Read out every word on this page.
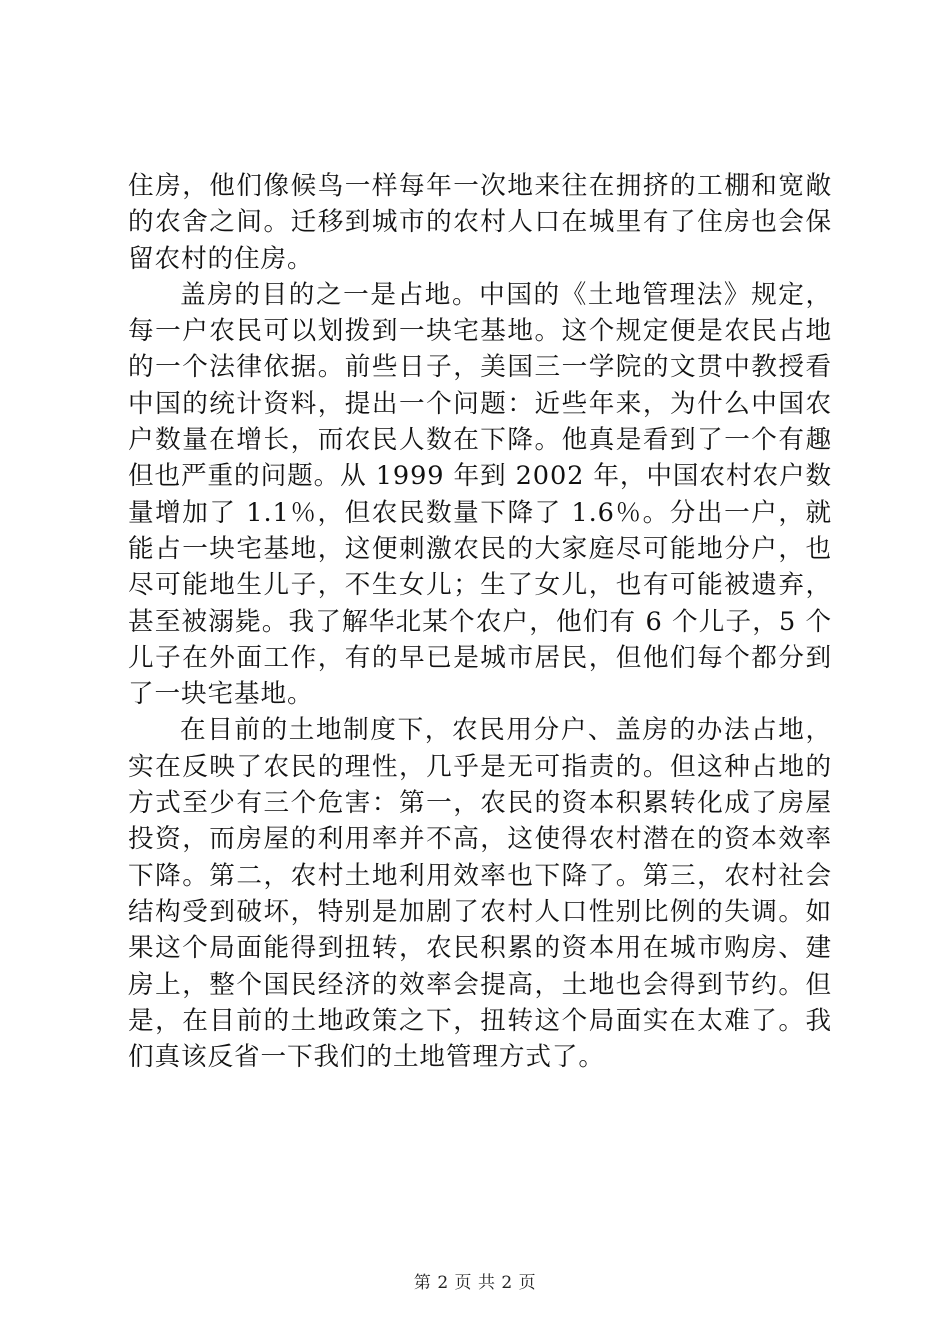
住房，他们像候鸟一样每年一次地来往在拥挤的工棚和宽敞的农舍之间。迁移到城市的农村人口在城里有了住房也会保留农村的住房。

盖房的目的之一是占地。中国的《土地管理法》规定，每一户农民可以划拨到一块宅基地。这个规定便是农民占地的一个法律依据。前些日子，美国三一学院的文贯中教授看中国的统计资料，提出一个问题：近些年来，为什么中国农户数量在增长，而农民人数在下降。他真是看到了一个有趣但也严重的问题。从 1999 年到 2002 年，中国农村农户数量增加了 1.1％，但农民数量下降了 1.6％。分出一户，就能占一块宅基地，这便刺激农民的大家庭尽可能地分户，也尽可能地生儿子，不生女儿；生了女儿，也有可能被遗弃，甚至被溺毙。我了解华北某个农户，他们有 6 个儿子，5 个儿子在外面工作，有的早已是城市居民，但他们每个都分到了一块宅基地。

在目前的土地制度下，农民用分户、盖房的办法占地，实在反映了农民的理性，几乎是无可指责的。但这种占地的方式至少有三个危害：第一，农民的资本积累转化成了房屋投资，而房屋的利用率并不高，这使得农村潜在的资本效率下降。第二，农村土地利用效率也下降了。第三，农村社会结构受到破坏，特别是加剧了农村人口性别比例的失调。如果这个局面能得到扭转，农民积累的资本用在城市购房、建房上，整个国民经济的效率会提高，土地也会得到节约。但是，在目前的土地政策之下，扭转这个局面实在太难了。我们真该反省一下我们的土地管理方式了。

第 2 页 共 2 页
